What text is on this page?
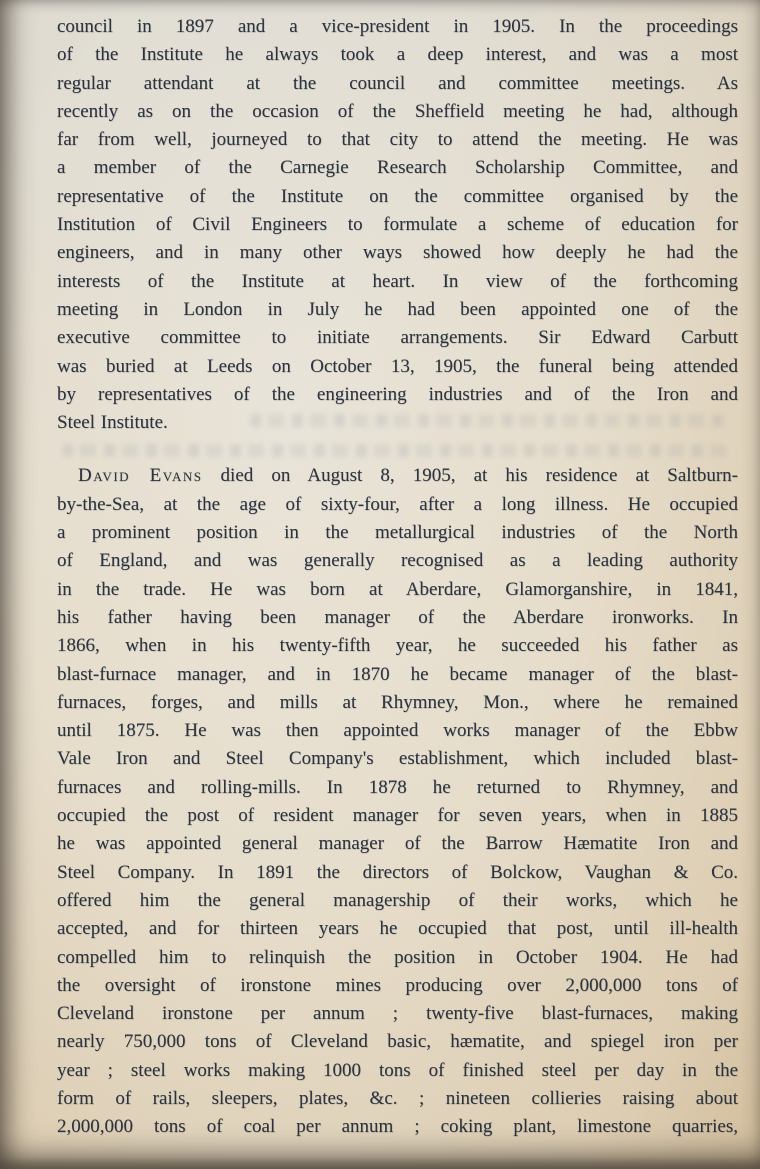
council in 1897 and a vice-president in 1905. In the proceedings
of the Institute he always took a deep interest, and was a most
regular attendant at the council and committee meetings. As
recently as on the occasion of the Sheffield meeting he had, although
far from well, journeyed to that city to attend the meeting. He was
a member of the Carnegie Research Scholarship Committee, and
representative of the Institute on the committee organised by the
Institution of Civil Engineers to formulate a scheme of education for
engineers, and in many other ways showed how deeply he had the
interests of the Institute at heart. In view of the forthcoming
meeting in London in July he had been appointed one of the
executive committee to initiate arrangements. Sir Edward Carbutt
was buried at Leeds on October 13, 1905, the funeral being attended
by representatives of the engineering industries and of the Iron and
Steel Institute.
David Evans died on August 8, 1905, at his residence at Saltburn-
by-the-Sea, at the age of sixty-four, after a long illness. He occupied
a prominent position in the metallurgical industries of the North
of England, and was generally recognised as a leading authority
in the trade. He was born at Aberdare, Glamorganshire, in 1841,
his father having been manager of the Aberdare ironworks. In
1866, when in his twenty-fifth year, he succeeded his father as
blast-furnace manager, and in 1870 he became manager of the blast-
furnaces, forges, and mills at Rhymney, Mon., where he remained
until 1875. He was then appointed works manager of the Ebbw
Vale Iron and Steel Company's establishment, which included blast-
furnaces and rolling-mills. In 1878 he returned to Rhymney, and
occupied the post of resident manager for seven years, when in 1885
he was appointed general manager of the Barrow Hæmatite Iron and
Steel Company. In 1891 the directors of Bolckow, Vaughan & Co.
offered him the general managership of their works, which he
accepted, and for thirteen years he occupied that post, until ill-health
compelled him to relinquish the position in October 1904. He had
the oversight of ironstone mines producing over 2,000,000 tons of
Cleveland ironstone per annum ; twenty-five blast-furnaces, making
nearly 750,000 tons of Cleveland basic, hæmatite, and spiegel iron per
year ; steel works making 1000 tons of finished steel per day in the
form of rails, sleepers, plates, &c. ; nineteen collieries raising about
2,000,000 tons of coal per annum ; coking plant, limestone quarries,
